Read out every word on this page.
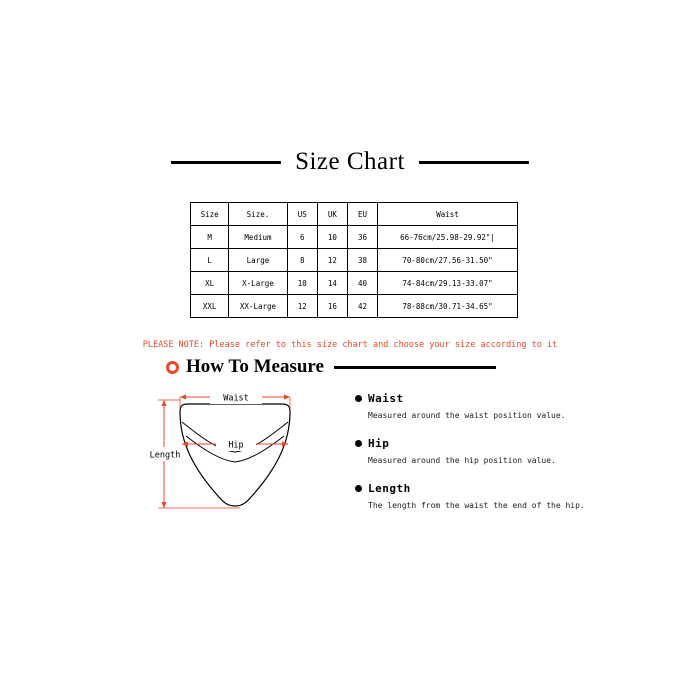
Size Chart
Size	Size.	US	UK	EU	Waist
M	Medium	6	10	36	66-76cm/25.98-29.92"|
L	Large	8	12	38	70-80cm/27.56-31.50"
XL	X-Large	10	14	40	74-84cm/29.13-33.07"
XXL	XX-Large	12	16	42	78-88cm/30.71-34.65"
PLEASE NOTE: Please refer to this size chart and choose your size according to it
How To Measure
Waist
Hip
Length
Waist
Measured around the waist position value.
Hip
Measured around the hip position value.
Length
The length from the waist the end of the hip.
